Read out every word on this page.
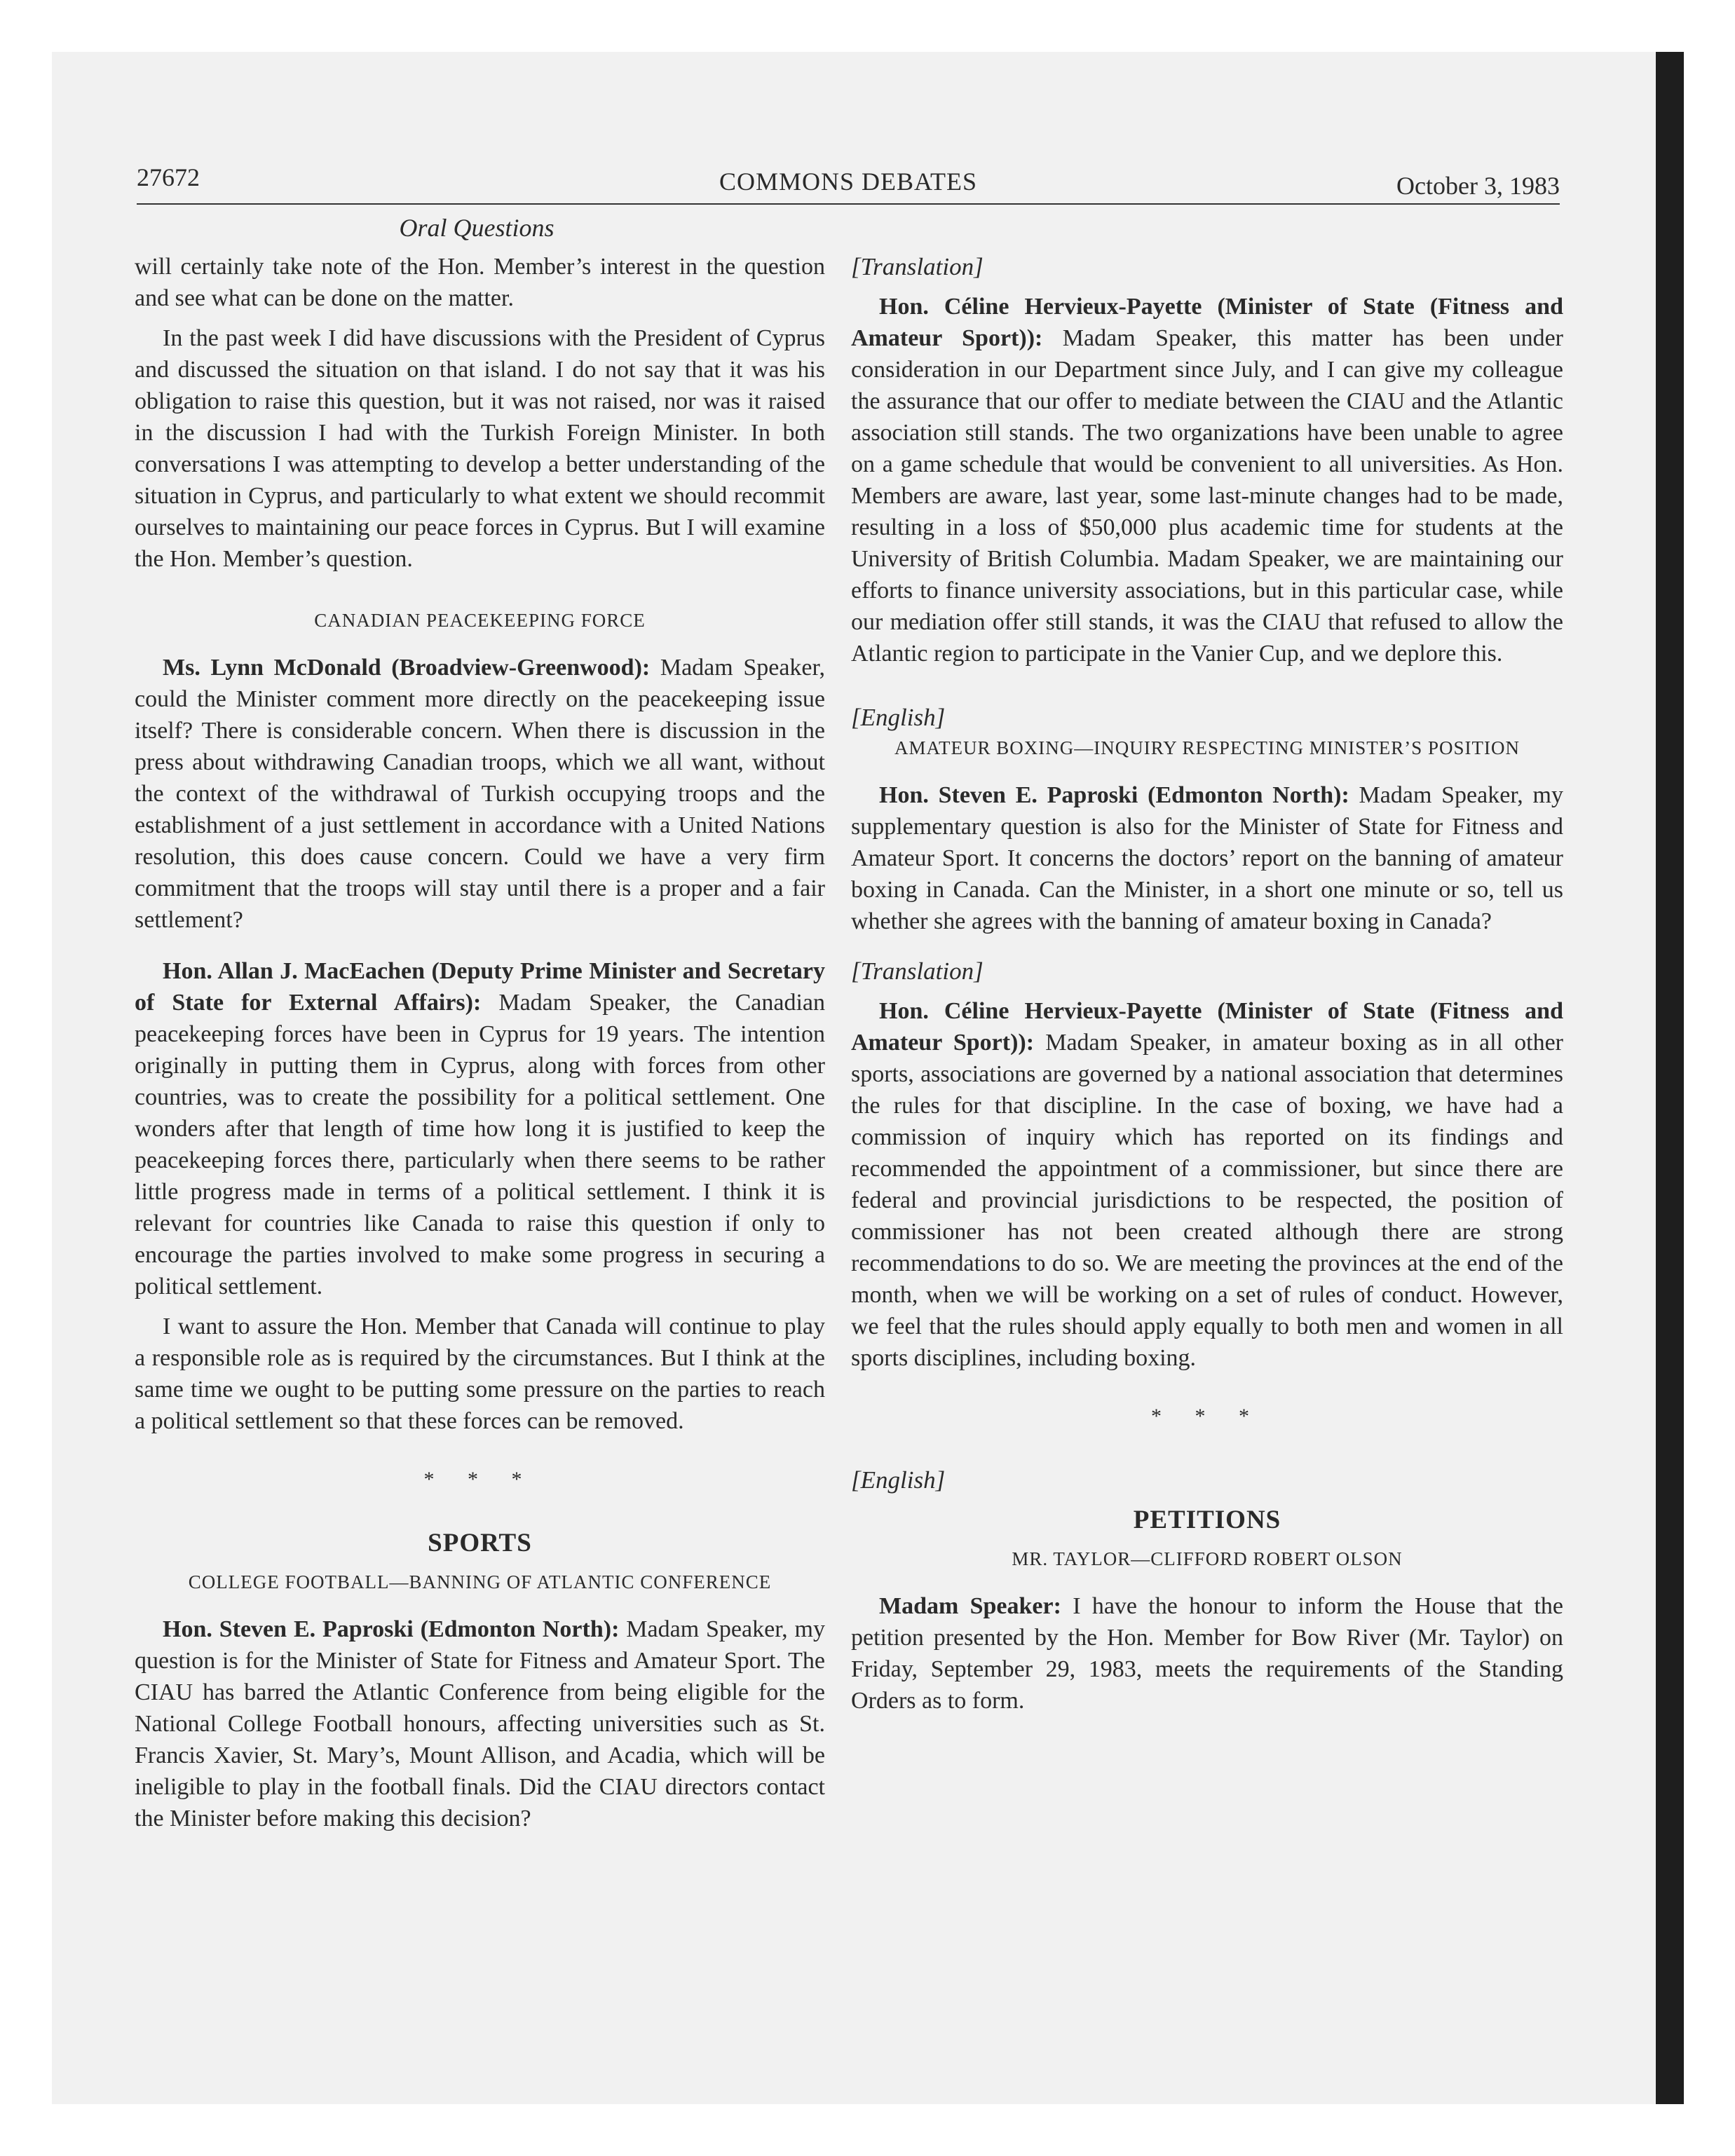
27672	COMMONS DEBATES	October 3, 1983
Oral Questions

will certainly take note of the Hon. Member’s interest in the question and see what can be done on the matter.

In the past week I did have discussions with the President of Cyprus and discussed the situation on that island. I do not say that it was his obligation to raise this question, but it was not raised, nor was it raised in the discussion I had with the Turkish Foreign Minister. In both conversations I was attempting to develop a better understanding of the situation in Cyprus, and particularly to what extent we should recommit ourselves to maintaining our peace forces in Cyprus. But I will examine the Hon. Member’s question.

CANADIAN PEACEKEEPING FORCE

Ms. Lynn McDonald (Broadview-Greenwood): Madam Speaker, could the Minister comment more directly on the peacekeeping issue itself? There is considerable concern. When there is discussion in the press about withdrawing Canadian troops, which we all want, without the context of the withdrawal of Turkish occupying troops and the establishment of a just settlement in accordance with a United Nations resolution, this does cause concern. Could we have a very firm commitment that the troops will stay until there is a proper and a fair settlement?

Hon. Allan J. MacEachen (Deputy Prime Minister and Secretary of State for External Affairs): Madam Speaker, the Canadian peacekeeping forces have been in Cyprus for 19 years. The intention originally in putting them in Cyprus, along with forces from other countries, was to create the possibility for a political settlement. One wonders after that length of time how long it is justified to keep the peacekeeping forces there, particularly when there seems to be rather little progress made in terms of a political settlement. I think it is relevant for countries like Canada to raise this question if only to encourage the parties involved to make some progress in securing a political settlement.

I want to assure the Hon. Member that Canada will continue to play a responsible role as is required by the circumstances. But I think at the same time we ought to be putting some pressure on the parties to reach a political settlement so that these forces can be removed.

* * *
SPORTS
COLLEGE FOOTBALL—BANNING OF ATLANTIC CONFERENCE

Hon. Steven E. Paproski (Edmonton North): Madam Speaker, my question is for the Minister of State for Fitness and Amateur Sport. The CIAU has barred the Atlantic Conference from being eligible for the National College Football honours, affecting universities such as St. Francis Xavier, St. Mary’s, Mount Allison, and Acadia, which will be ineligible to play in the football finals. Did the CIAU directors contact the Minister before making this decision?

[Translation]

Hon. Céline Hervieux-Payette (Minister of State (Fitness and Amateur Sport)): Madam Speaker, this matter has been under consideration in our Department since July, and I can give my colleague the assurance that our offer to mediate between the CIAU and the Atlantic association still stands. The two organizations have been unable to agree on a game schedule that would be convenient to all universities. As Hon. Members are aware, last year, some last-minute changes had to be made, resulting in a loss of $50,000 plus academic time for students at the University of British Columbia. Madam Speaker, we are maintaining our efforts to finance university associations, but in this particular case, while our mediation offer still stands, it was the CIAU that refused to allow the Atlantic region to participate in the Vanier Cup, and we deplore this.

[English]
AMATEUR BOXING—INQUIRY RESPECTING MINISTER’S POSITION

Hon. Steven E. Paproski (Edmonton North): Madam Speaker, my supplementary question is also for the Minister of State for Fitness and Amateur Sport. It concerns the doctors’ report on the banning of amateur boxing in Canada. Can the Minister, in a short one minute or so, tell us whether she agrees with the banning of amateur boxing in Canada?

[Translation]

Hon. Céline Hervieux-Payette (Minister of State (Fitness and Amateur Sport)): Madam Speaker, in amateur boxing as in all other sports, associations are governed by a national association that determines the rules for that discipline. In the case of boxing, we have had a commission of inquiry which has reported on its findings and recommended the appointment of a commissioner, but since there are federal and provincial jurisdictions to be respected, the position of commissioner has not been created although there are strong recommendations to do so. We are meeting the provinces at the end of the month, when we will be working on a set of rules of conduct. However, we feel that the rules should apply equally to both men and women in all sports disciplines, including boxing.

* * *
[English]
PETITIONS
MR. TAYLOR—CLIFFORD ROBERT OLSON

Madam Speaker: I have the honour to inform the House that the petition presented by the Hon. Member for Bow River (Mr. Taylor) on Friday, September 29, 1983, meets the requirements of the Standing Orders as to form.
